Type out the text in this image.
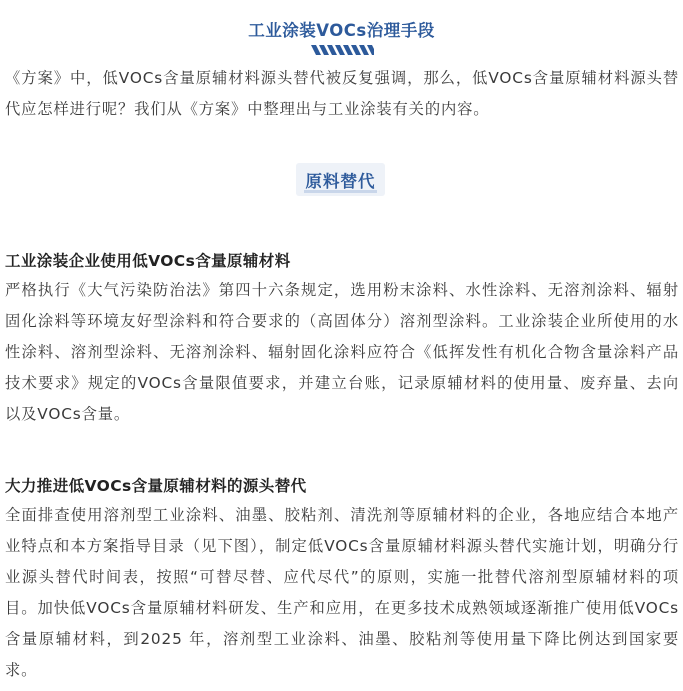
工业涂装VOCs治理手段
《方案》中，低VOCs含量原辅材料源头替代被反复强调，那么，低VOCs含量原辅材料源头替代应怎样进行呢？我们从《方案》中整理出与工业涂装有关的内容。
原料替代
工业涂装企业使用低VOCs含量原辅材料
严格执行《大气污染防治法》第四十六条规定，选用粉末涂料、水性涂料、无溶剂涂料、辐射固化涂料等环境友好型涂料和符合要求的（高固体分）溶剂型涂料。工业涂装企业所使用的水性涂料、溶剂型涂料、无溶剂涂料、辐射固化涂料应符合《低挥发性有机化合物含量涂料产品技术要求》规定的VOCs含量限值要求，并建立台账，记录原辅材料的使用量、废弃量、去向以及VOCs含量。
大力推进低VOCs含量原辅材料的源头替代
全面排查使用溶剂型工业涂料、油墨、胶粘剂、清洗剂等原辅材料的企业，各地应结合本地产业特点和本方案指导目录（见下图），制定低VOCs含量原辅材料源头替代实施计划，明确分行业源头替代时间表，按照“可替尽替、应代尽代”的原则，实施一批替代溶剂型原辅材料的项目。加快低VOCs含量原辅材料研发、生产和应用，在更多技术成熟领域逐渐推广使用低VOCs含量原辅材料，到2025 年，溶剂型工业涂料、油墨、胶粘剂等使用量下降比例达到国家要求。
